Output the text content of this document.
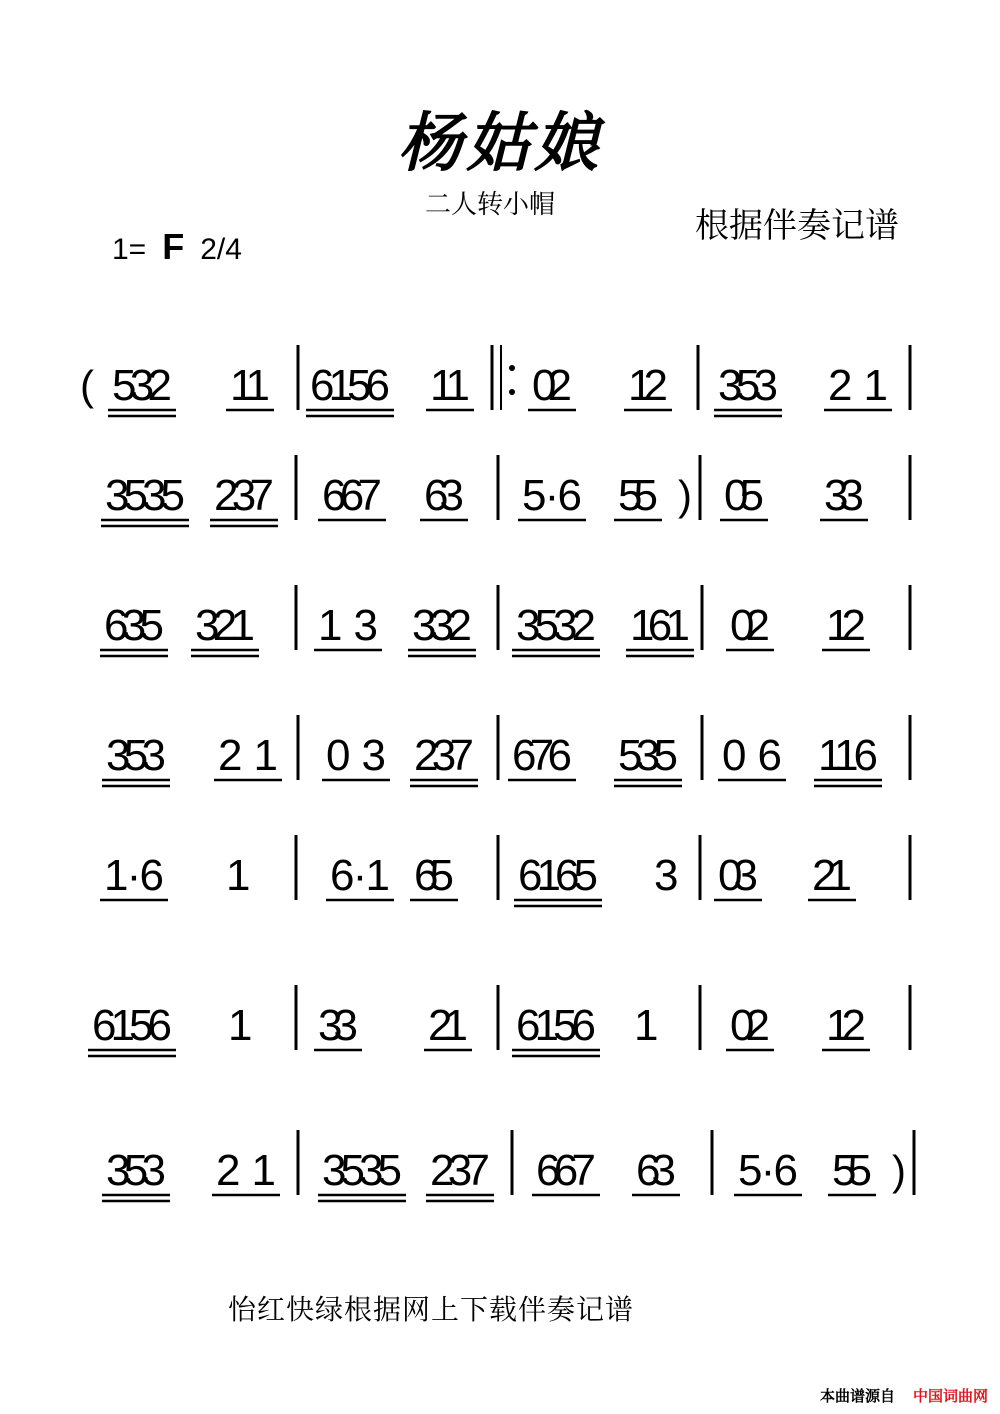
杨姑娘
二人转小帽
根据伴奏记谱
1= F 2/4
( 532 11 6156 11 02 12 353 2 1
3535 237 667 63 5·6 55 ) 05 33
635 321 1 3 332 3532 161 02 12
353 2 1 0 3 237 676 535 0 6 116
1·6 1 6·1 65 6165 3 03 21
6156 1 33 21 6156 1 02 12
353 2 1 3535 237 667 63 5·6 55 )
怡红快绿根据网上下载伴奏记谱
本曲谱源自 中国词曲网
